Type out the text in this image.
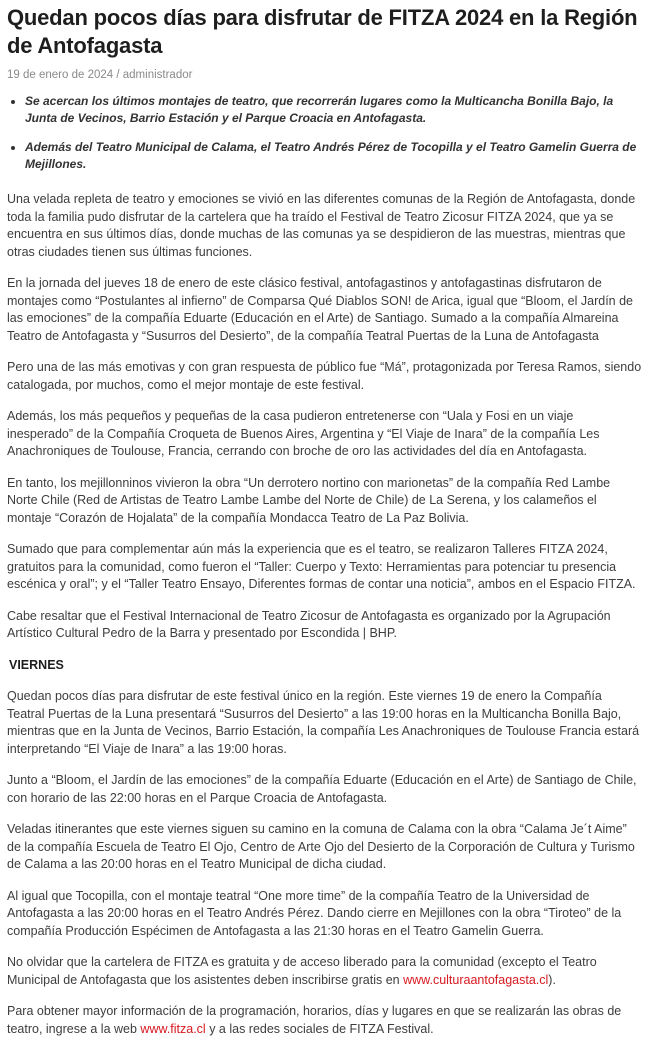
Quedan pocos días para disfrutar de FITZA 2024 en la Región de Antofagasta
19 de enero de 2024 / administrador
• Se acercan los últimos montajes de teatro, que recorrerán lugares como la Multicancha Bonilla Bajo, la Junta de Vecinos, Barrio Estación y el Parque Croacia en Antofagasta.
• Además del Teatro Municipal de Calama, el Teatro Andrés Pérez de Tocopilla y el Teatro Gamelin Guerra de Mejillones.

Una velada repleta de teatro y emociones se vivió en las diferentes comunas de la Región de Antofagasta, donde toda la familia pudo disfrutar de la cartelera que ha traído el Festival de Teatro Zicosur FITZA 2024, que ya se encuentra en sus últimos días, donde muchas de las comunas ya se despidieron de las muestras, mientras que otras ciudades tienen sus últimas funciones.

En la jornada del jueves 18 de enero de este clásico festival, antofagastinos y antofagastinas disfrutaron de montajes como “Postulantes al infierno” de Comparsa Qué Diablos SON! de Arica, igual que “Bloom, el Jardín de las emociones” de la compañía Eduarte (Educación en el Arte) de Santiago. Sumado a la compañía Almareina Teatro de Antofagasta y “Susurros del Desierto”, de la compañía Teatral Puertas de la Luna de Antofagasta

Pero una de las más emotivas y con gran respuesta de público fue “Má”, protagonizada por Teresa Ramos, siendo catalogada, por muchos, como el mejor montaje de este festival.

Además, los más pequeños y pequeñas de la casa pudieron entretenerse con “Uala y Fosi en un viaje inesperado” de la Compañía Croqueta de Buenos Aires, Argentina y “El Viaje de Inara” de la compañía Les Anachroniques de Toulouse, Francia, cerrando con broche de oro las actividades del día en Antofagasta.

En tanto, los mejillonninos vivieron la obra “Un derrotero nortino con marionetas” de la compañía Red Lambe Norte Chile (Red de Artistas de Teatro Lambe Lambe del Norte de Chile) de La Serena, y los calameños el montaje “Corazón de Hojalata” de la compañía Mondacca Teatro de La Paz Bolivia.

Sumado que para complementar aún más la experiencia que es el teatro, se realizaron Talleres FITZA 2024, gratuitos para la comunidad, como fueron el “Taller: Cuerpo y Texto: Herramientas para potenciar tu presencia escénica y oral”; y el “Taller Teatro Ensayo, Diferentes formas de contar una noticia”, ambos en el Espacio FITZA.

Cabe resaltar que el Festival Internacional de Teatro Zicosur de Antofagasta es organizado por la Agrupación Artístico Cultural Pedro de la Barra y presentado por Escondida | BHP.

VIERNES

Quedan pocos días para disfrutar de este festival único en la región. Este viernes 19 de enero la Compañía Teatral Puertas de la Luna presentará “Susurros del Desierto” a las 19:00 horas en la Multicancha Bonilla Bajo, mientras que en la Junta de Vecinos, Barrio Estación, la compañía Les Anachroniques de Toulouse Francia estará interpretando “El Viaje de Inara” a las 19:00 horas.

Junto a “Bloom, el Jardín de las emociones” de la compañía Eduarte (Educación en el Arte) de Santiago de Chile, con horario de las 22:00 horas en el Parque Croacia de Antofagasta.

Veladas itinerantes que este viernes siguen su camino en la comuna de Calama con la obra “Calama Je´t Aime” de la compañía Escuela de Teatro El Ojo, Centro de Arte Ojo del Desierto de la Corporación de Cultura y Turismo de Calama a las 20:00 horas en el Teatro Municipal de dicha ciudad.

Al igual que Tocopilla, con el montaje teatral “One more time” de la compañía Teatro de la Universidad de Antofagasta a las 20:00 horas en el Teatro Andrés Pérez. Dando cierre en Mejillones con la obra “Tiroteo” de la compañía Producción Espécimen de Antofagasta a las 21:30 horas en el Teatro Gamelin Guerra.

No olvidar que la cartelera de FITZA es gratuita y de acceso liberado para la comunidad (excepto el Teatro Municipal de Antofagasta que los asistentes deben inscribirse gratis en www.culturaantofagasta.cl).

Para obtener mayor información de la programación, horarios, días y lugares en que se realizarán las obras de teatro, ingrese a la web www.fitza.cl y a las redes sociales de FITZA Festival.
